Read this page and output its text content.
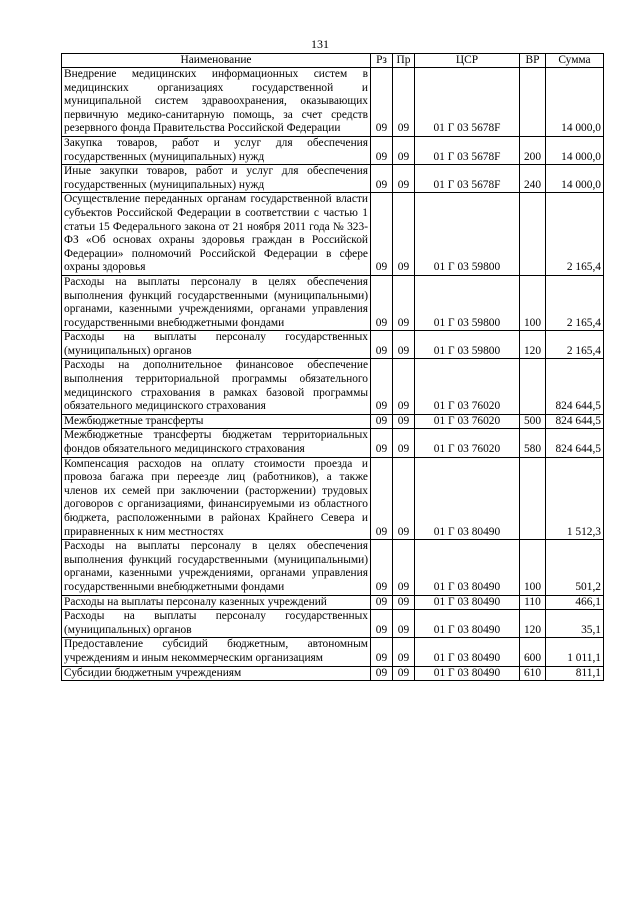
131
Наименование	Рз	Пр	ЦСР	ВР	Сумма
Внедрение медицинских информационных систем в медицинских организациях государственной и муниципальной систем здравоохранения, оказывающих первичную медико-санитарную помощь, за счет средств резервного фонда Правительства Российской Федерации	09	09	01 Г 03 5678F		14 000,0
Закупка товаров, работ и услуг для обеспечения государственных (муниципальных) нужд	09	09	01 Г 03 5678F	200	14 000,0
Иные закупки товаров, работ и услуг для обеспечения государственных (муниципальных) нужд	09	09	01 Г 03 5678F	240	14 000,0
Осуществление переданных органам государственной власти субъектов Российской Федерации в соответствии с частью 1 статьи 15 Федерального закона от 21 ноября 2011 года № 323-ФЗ «Об основах охраны здоровья граждан в Российской Федерации» полномочий Российской Федерации в сфере охраны здоровья	09	09	01 Г 03 59800		2 165,4
Расходы на выплаты персоналу в целях обеспечения выполнения функций государственными (муниципальными) органами, казенными учреждениями, органами управления государственными внебюджетными фондами	09	09	01 Г 03 59800	100	2 165,4
Расходы на выплаты персоналу государственных (муниципальных) органов	09	09	01 Г 03 59800	120	2 165,4
Расходы на дополнительное финансовое обеспечение выполнения территориальной программы обязательного медицинского страхования в рамках базовой программы обязательного медицинского страхования	09	09	01 Г 03 76020		824 644,5
Межбюджетные трансферты	09	09	01 Г 03 76020	500	824 644,5
Межбюджетные трансферты бюджетам территориальных фондов обязательного медицинского страхования	09	09	01 Г 03 76020	580	824 644,5
Компенсация расходов на оплату стоимости проезда и провоза багажа при переезде лиц (работников), а также членов их семей при заключении (расторжении) трудовых договоров с организациями, финансируемыми из областного бюджета, расположенными в районах Крайнего Севера и приравненных к ним местностях	09	09	01 Г 03 80490		1 512,3
Расходы на выплаты персоналу в целях обеспечения выполнения функций государственными (муниципальными) органами, казенными учреждениями, органами управления государственными внебюджетными фондами	09	09	01 Г 03 80490	100	501,2
Расходы на выплаты персоналу казенных учреждений	09	09	01 Г 03 80490	110	466,1
Расходы на выплаты персоналу государственных (муниципальных) органов	09	09	01 Г 03 80490	120	35,1
Предоставление субсидий бюджетным, автономным учреждениям и иным некоммерческим организациям	09	09	01 Г 03 80490	600	1 011,1
Субсидии бюджетным учреждениям	09	09	01 Г 03 80490	610	811,1
